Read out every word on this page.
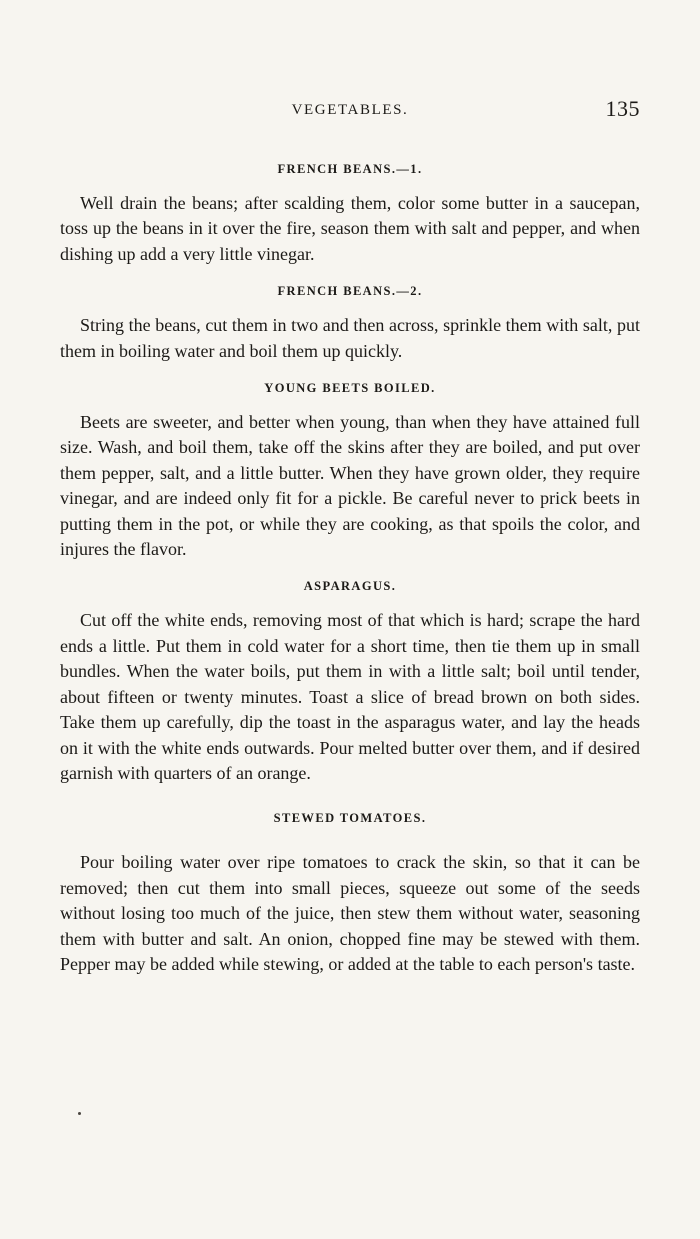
VEGETABLES.	135
FRENCH BEANS.—1.

Well drain the beans; after scalding them, color some butter in a saucepan, toss up the beans in it over the fire, season them with salt and pepper, and when dishing up add a very little vinegar.

FRENCH BEANS.—2.

String the beans, cut them in two and then across, sprinkle them with salt, put them in boiling water and boil them up quickly.

YOUNG BEETS BOILED.

Beets are sweeter, and better when young, than when they have attained full size. Wash, and boil them, take off the skins after they are boiled, and put over them pepper, salt, and a little butter. When they have grown older, they require vinegar, and are indeed only fit for a pickle. Be careful never to prick beets in putting them in the pot, or while they are cooking, as that spoils the color, and injures the flavor.

ASPARAGUS.

Cut off the white ends, removing most of that which is hard; scrape the hard ends a little. Put them in cold water for a short time, then tie them up in small bundles. When the water boils, put them in with a little salt; boil until tender, about fifteen or twenty minutes. Toast a slice of bread brown on both sides. Take them up carefully, dip the toast in the asparagus water, and lay the heads on it with the white ends outwards. Pour melted butter over them, and if desired garnish with quarters of an orange.

STEWED TOMATOES.

Pour boiling water over ripe tomatoes to crack the skin, so that it can be removed; then cut them into small pieces, squeeze out some of the seeds without losing too much of the juice, then stew them without water, seasoning them with butter and salt. An onion, chopped fine may be stewed with them. Pepper may be added while stewing, or added at the table to each person's taste.
